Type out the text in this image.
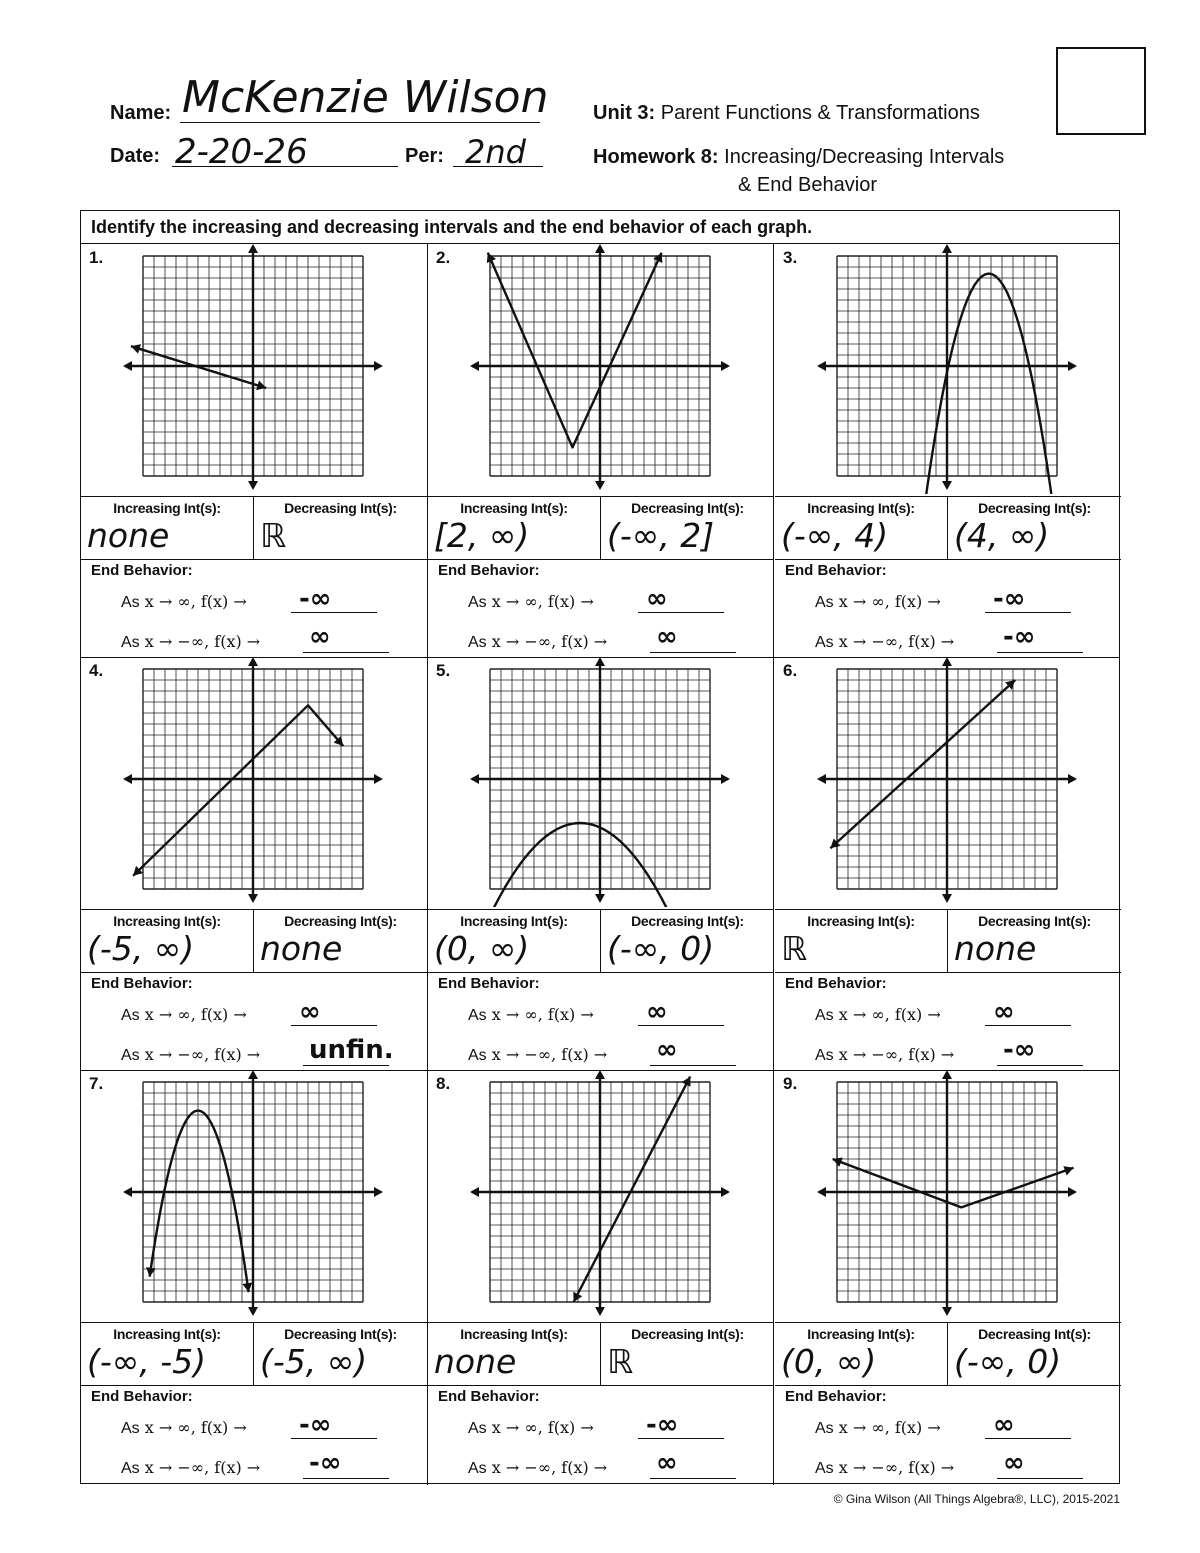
Name: McKenzie Wilson
Date: 2-20-26	Per: 2nd
Unit 3: Parent Functions & Transformations
Homework 8: Increasing/Decreasing Intervals
& End Behavior
Identify the increasing and decreasing intervals and the end behavior of each graph.
1.
Increasing Int(s):
none
Decreasing Int(s):
ℝ
End Behavior:
As x → ∞, f(x) → -∞
As x → −∞, f(x) → ∞
2.
Increasing Int(s):
[2, ∞)
Decreasing Int(s):
(-∞, 2]
End Behavior:
As x → ∞, f(x) → ∞
As x → −∞, f(x) → ∞
3.
Increasing Int(s):
(-∞, 4)
Decreasing Int(s):
(4, ∞)
End Behavior:
As x → ∞, f(x) → -∞
As x → −∞, f(x) → -∞
4.
Increasing Int(s):
(-5, ∞)
Decreasing Int(s):
none
End Behavior:
As x → ∞, f(x) → ∞
As x → −∞, f(x) → unfin.
5.
Increasing Int(s):
(0, ∞)
Decreasing Int(s):
(-∞, 0)
End Behavior:
As x → ∞, f(x) → ∞
As x → −∞, f(x) → ∞
6.
Increasing Int(s):
ℝ
Decreasing Int(s):
none
End Behavior:
As x → ∞, f(x) → ∞
As x → −∞, f(x) → -∞
7.
Increasing Int(s):
(-∞, -5)
Decreasing Int(s):
(-5, ∞)
End Behavior:
As x → ∞, f(x) → -∞
As x → −∞, f(x) → -∞
8.
Increasing Int(s):
none
Decreasing Int(s):
ℝ
End Behavior:
As x → ∞, f(x) → -∞
As x → −∞, f(x) → ∞
9.
Increasing Int(s):
(0, ∞)
Decreasing Int(s):
(-∞, 0)
End Behavior:
As x → ∞, f(x) → ∞
As x → −∞, f(x) → ∞
© Gina Wilson (All Things Algebra®, LLC), 2015-2021
